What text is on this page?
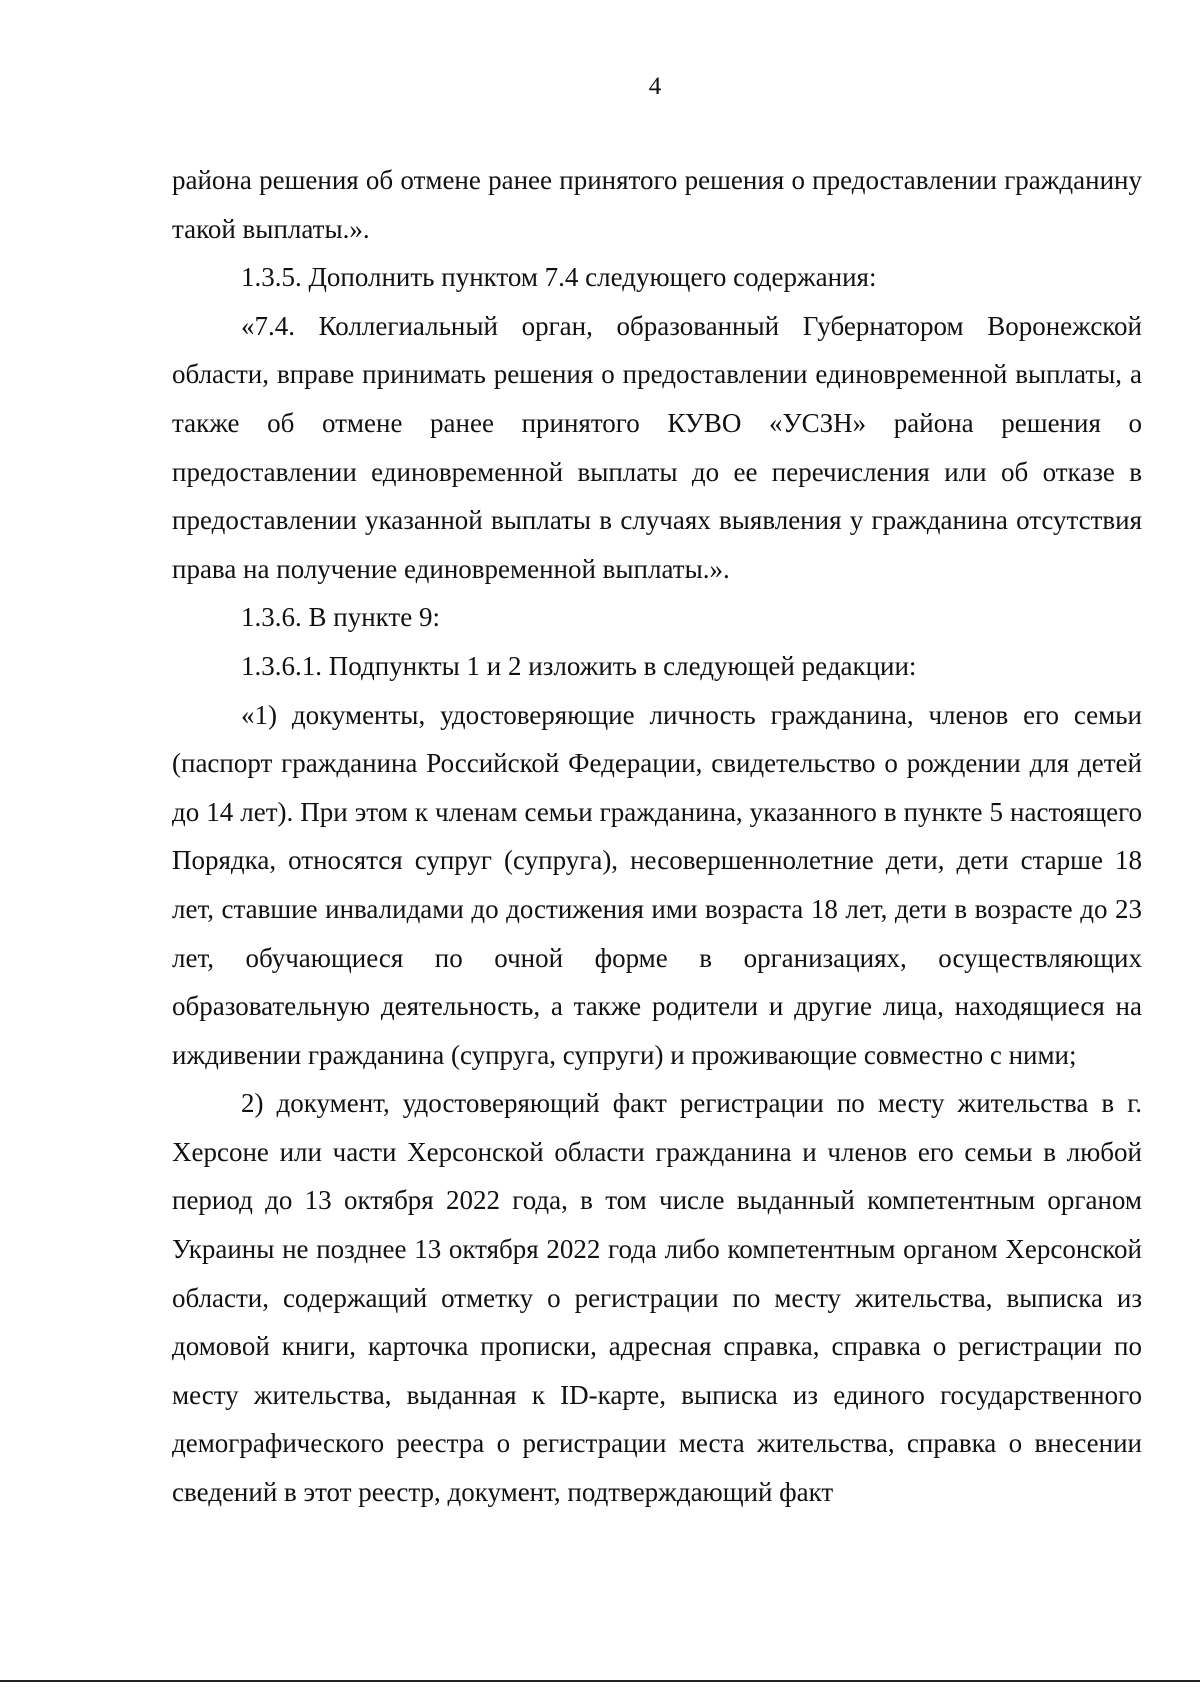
4

района решения об отмене ранее принятого решения о предоставлении гражданину такой выплаты.».

1.3.5. Дополнить пунктом 7.4 следующего содержания:

«7.4. Коллегиальный орган, образованный Губернатором Воронежской области, вправе принимать решения о предоставлении единовременной выплаты, а также об отмене ранее принятого КУВО «УСЗН» района решения о предоставлении единовременной выплаты до ее перечисления или об отказе в предоставлении указанной выплаты в случаях выявления у гражданина отсутствия права на получение единовременной выплаты.».

1.3.6. В пункте 9:

1.3.6.1. Подпункты 1 и 2 изложить в следующей редакции:

«1) документы, удостоверяющие личность гражданина, членов его семьи (паспорт гражданина Российской Федерации, свидетельство о рождении для детей до 14 лет). При этом к членам семьи гражданина, указанного в пункте 5 настоящего Порядка, относятся супруг (супруга), несовершеннолетние дети, дети старше 18 лет, ставшие инвалидами до достижения ими возраста 18 лет, дети в возрасте до 23 лет, обучающиеся по очной форме в организациях, осуществляющих образовательную деятельность, а также родители и другие лица, находящиеся на иждивении гражданина (супруга, супруги) и проживающие совместно с ними;

2) документ, удостоверяющий факт регистрации по месту жительства в г. Херсоне или части Херсонской области гражданина и членов его семьи в любой период до 13 октября 2022 года, в том числе выданный компетентным органом Украины не позднее 13 октября 2022 года либо компетентным органом Херсонской области, содержащий отметку о регистрации по месту жительства, выписка из домовой книги, карточка прописки, адресная справка, справка о регистрации по месту жительства, выданная к ID-карте, выписка из единого государственного демографического реестра о регистрации места жительства, справка о внесении сведений в этот реестр, документ, подтверждающий факт
